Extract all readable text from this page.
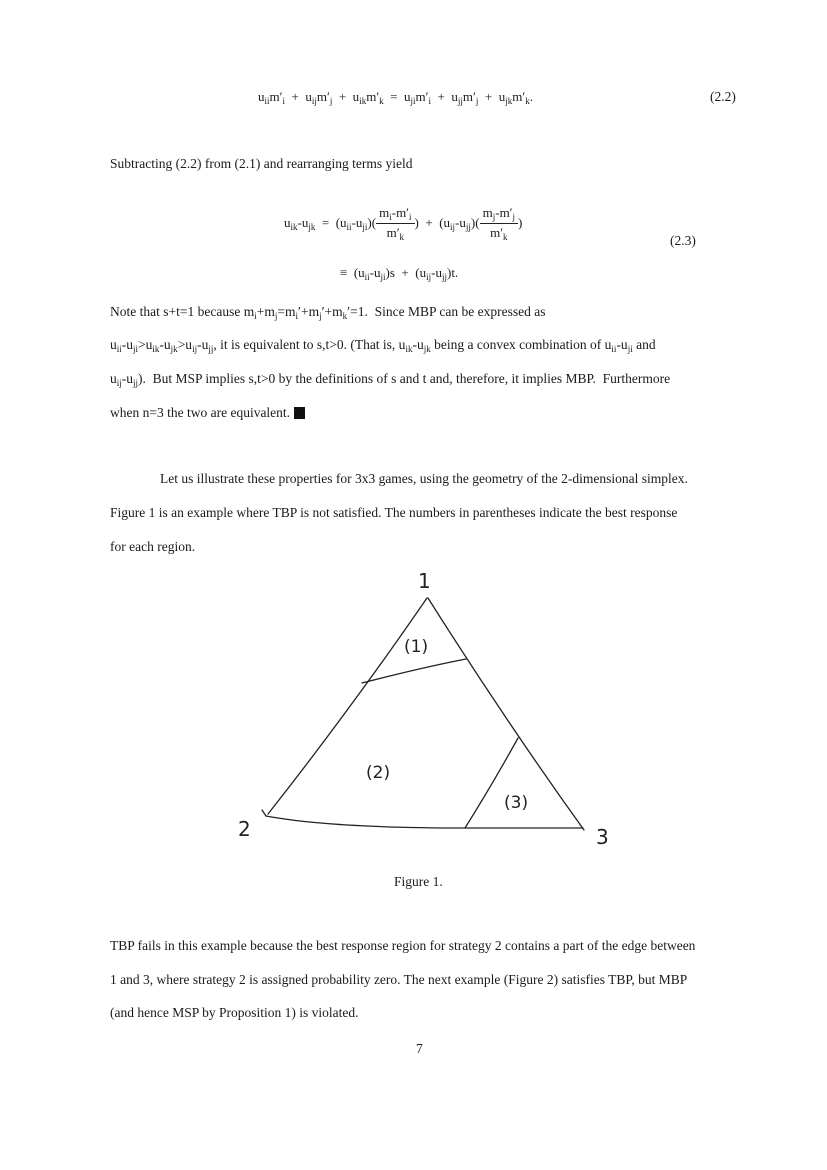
$u_{ii}m'_i + u_{ij}m'_j + u_{ik}m'_k = u_{ji}m'_i + u_{jj}m'_j + u_{jk}m'_k$.	(2.2)
Subtracting (2.2) from (2.1) and rearranging terms yield
$u_{ik}-u_{jk} = (u_{ii}-u_{ji})( \frac{m_i-m'_i}{m'_k}$ )  +  $(u_{ij}-u_{jj})( \frac{m_j-m'_j}{m'_k}$ )
(2.3)
≡  $(u_{ii}-u_{ji})s + (u_{ij}-u_{jj})t$.
Note that s+t=1 because $m_i+m_j=m_i'+m_j'+m_k'=1$.  Since MBP can be expressed as
$u_{ii}-u_{ji}>u_{ik}-u_{jk}>u_{ij}-u_{jj}$, it is equivalent to s,t>0. (That is, $u_{ik}-u_{jk}$ being a convex combination of $u_{ii}-u_{ji}$ and
$u_{ij}-u_{jj}$).  But MSP implies s,t>0 by the definitions of s and t and, therefore, it implies MBP.  Furthermore
when n=3 the two are equivalent.
Let us illustrate these properties for 3x3 games, using the geometry of the 2-dimensional simplex.
Figure 1 is an example where TBP is not satisfied. The numbers in parentheses indicate the best response
for each region.
1
2	3
(1)
(2)
(3)
Figure 1.
TBP fails in this example because the best response region for strategy 2 contains a part of the edge between
1 and 3, where strategy 2 is assigned probability zero. The next example (Figure 2) satisfies TBP, but MBP
(and hence MSP by Proposition 1) is violated.
7
